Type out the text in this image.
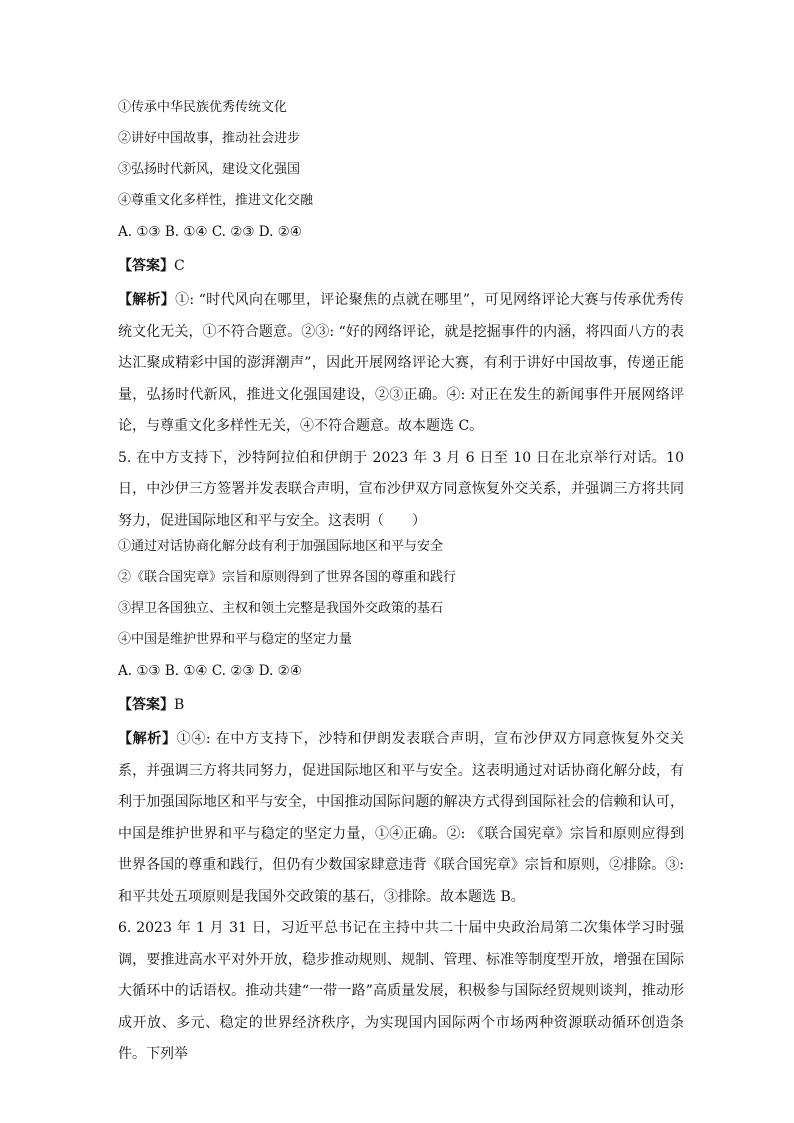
①传承中华民族优秀传统文化
②讲好中国故事，推动社会进步
③弘扬时代新风，建设文化强国
④尊重文化多样性，推进文化交融
A. ①③ B. ①④ C. ②③ D. ②④
【答案】C
【解析】①: “时代风向在哪里，评论聚焦的点就在哪里”，可见网络评论大赛与传承优秀传统文化无关，①不符合题意。②③: “好的网络评论，就是挖掘事件的内涵，将四面八方的表达汇聚成精彩中国的澎湃潮声”，因此开展网络评论大赛，有利于讲好中国故事，传递正能量，弘扬时代新风，推进文化强国建设，②③正确。④: 对正在发生的新闻事件开展网络评论，与尊重文化多样性无关，④不符合题意。故本题选 C。
5. 在中方支持下，沙特阿拉伯和伊朗于 2023 年 3 月 6 日至 10 日在北京举行对话。10 日，中沙伊三方签署并发表联合声明，宣布沙伊双方同意恢复外交关系，并强调三方将共同努力，促进国际地区和平与安全。这表明（　　）
①通过对话协商化解分歧有利于加强国际地区和平与安全
②《联合国宪章》宗旨和原则得到了世界各国的尊重和践行
③捍卫各国独立、主权和领土完整是我国外交政策的基石
④中国是维护世界和平与稳定的坚定力量
A. ①③ B. ①④ C. ②③ D. ②④
【答案】B
【解析】①④: 在中方支持下，沙特和伊朗发表联合声明，宣布沙伊双方同意恢复外交关系，并强调三方将共同努力，促进国际地区和平与安全。这表明通过对话协商化解分歧，有利于加强国际地区和平与安全，中国推动国际问题的解决方式得到国际社会的信赖和认可，中国是维护世界和平与稳定的坚定力量，①④正确。②: 《联合国宪章》宗旨和原则应得到世界各国的尊重和践行，但仍有少数国家肆意违背《联合国宪章》宗旨和原则，②排除。③: 和平共处五项原则是我国外交政策的基石，③排除。故本题选 B。
6. 2023 年 1 月 31 日，习近平总书记在主持中共二十届中央政治局第二次集体学习时强调，要推进高水平对外开放，稳步推动规则、规制、管理、标准等制度型开放，增强在国际大循环中的话语权。推动共建“一带一路”高质量发展，积极参与国际经贸规则谈判，推动形成开放、多元、稳定的世界经济秩序，为实现国内国际两个市场两种资源联动循环创造条件。下列举
